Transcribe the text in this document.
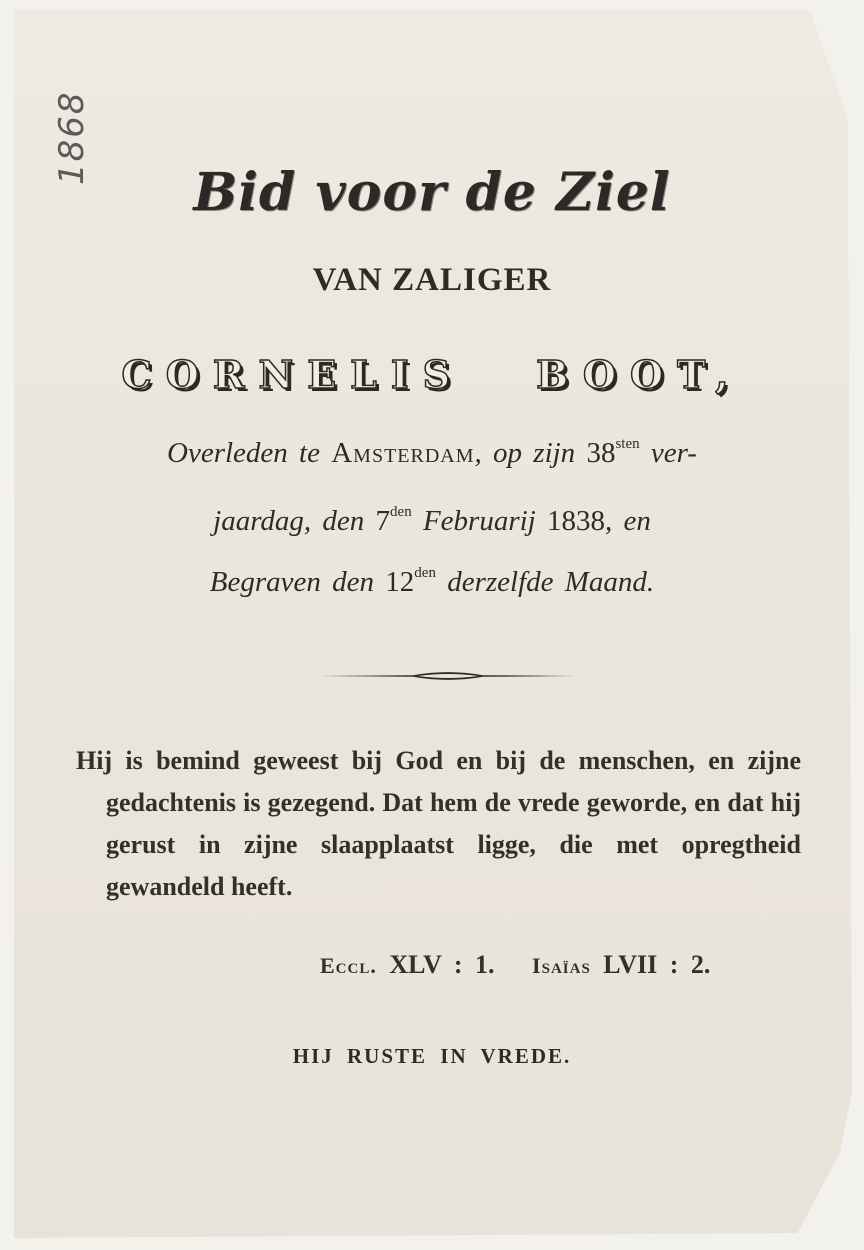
1868
Bid voor de Ziel
VAN ZALIGER
CORNELIS BOOT,
Overleden te Amsterdam, op zijn $38^{sten}$ ver-
jaardag, den $7^{den}$ Februarij 1838, en
Begraven den $12^{den}$ derzelfde Maand.

Hij is bemind geweest bij God en bij de menschen, en zijne gedachtenis is gezegend. Dat hem de vrede geworde, en dat hij gerust in zijne slaapplaatst ligge, die met opregtheid gewandeld heeft.

Eccl. XLV : 1. Isaïas LVII : 2.
HIJ RUSTE IN VREDE.
